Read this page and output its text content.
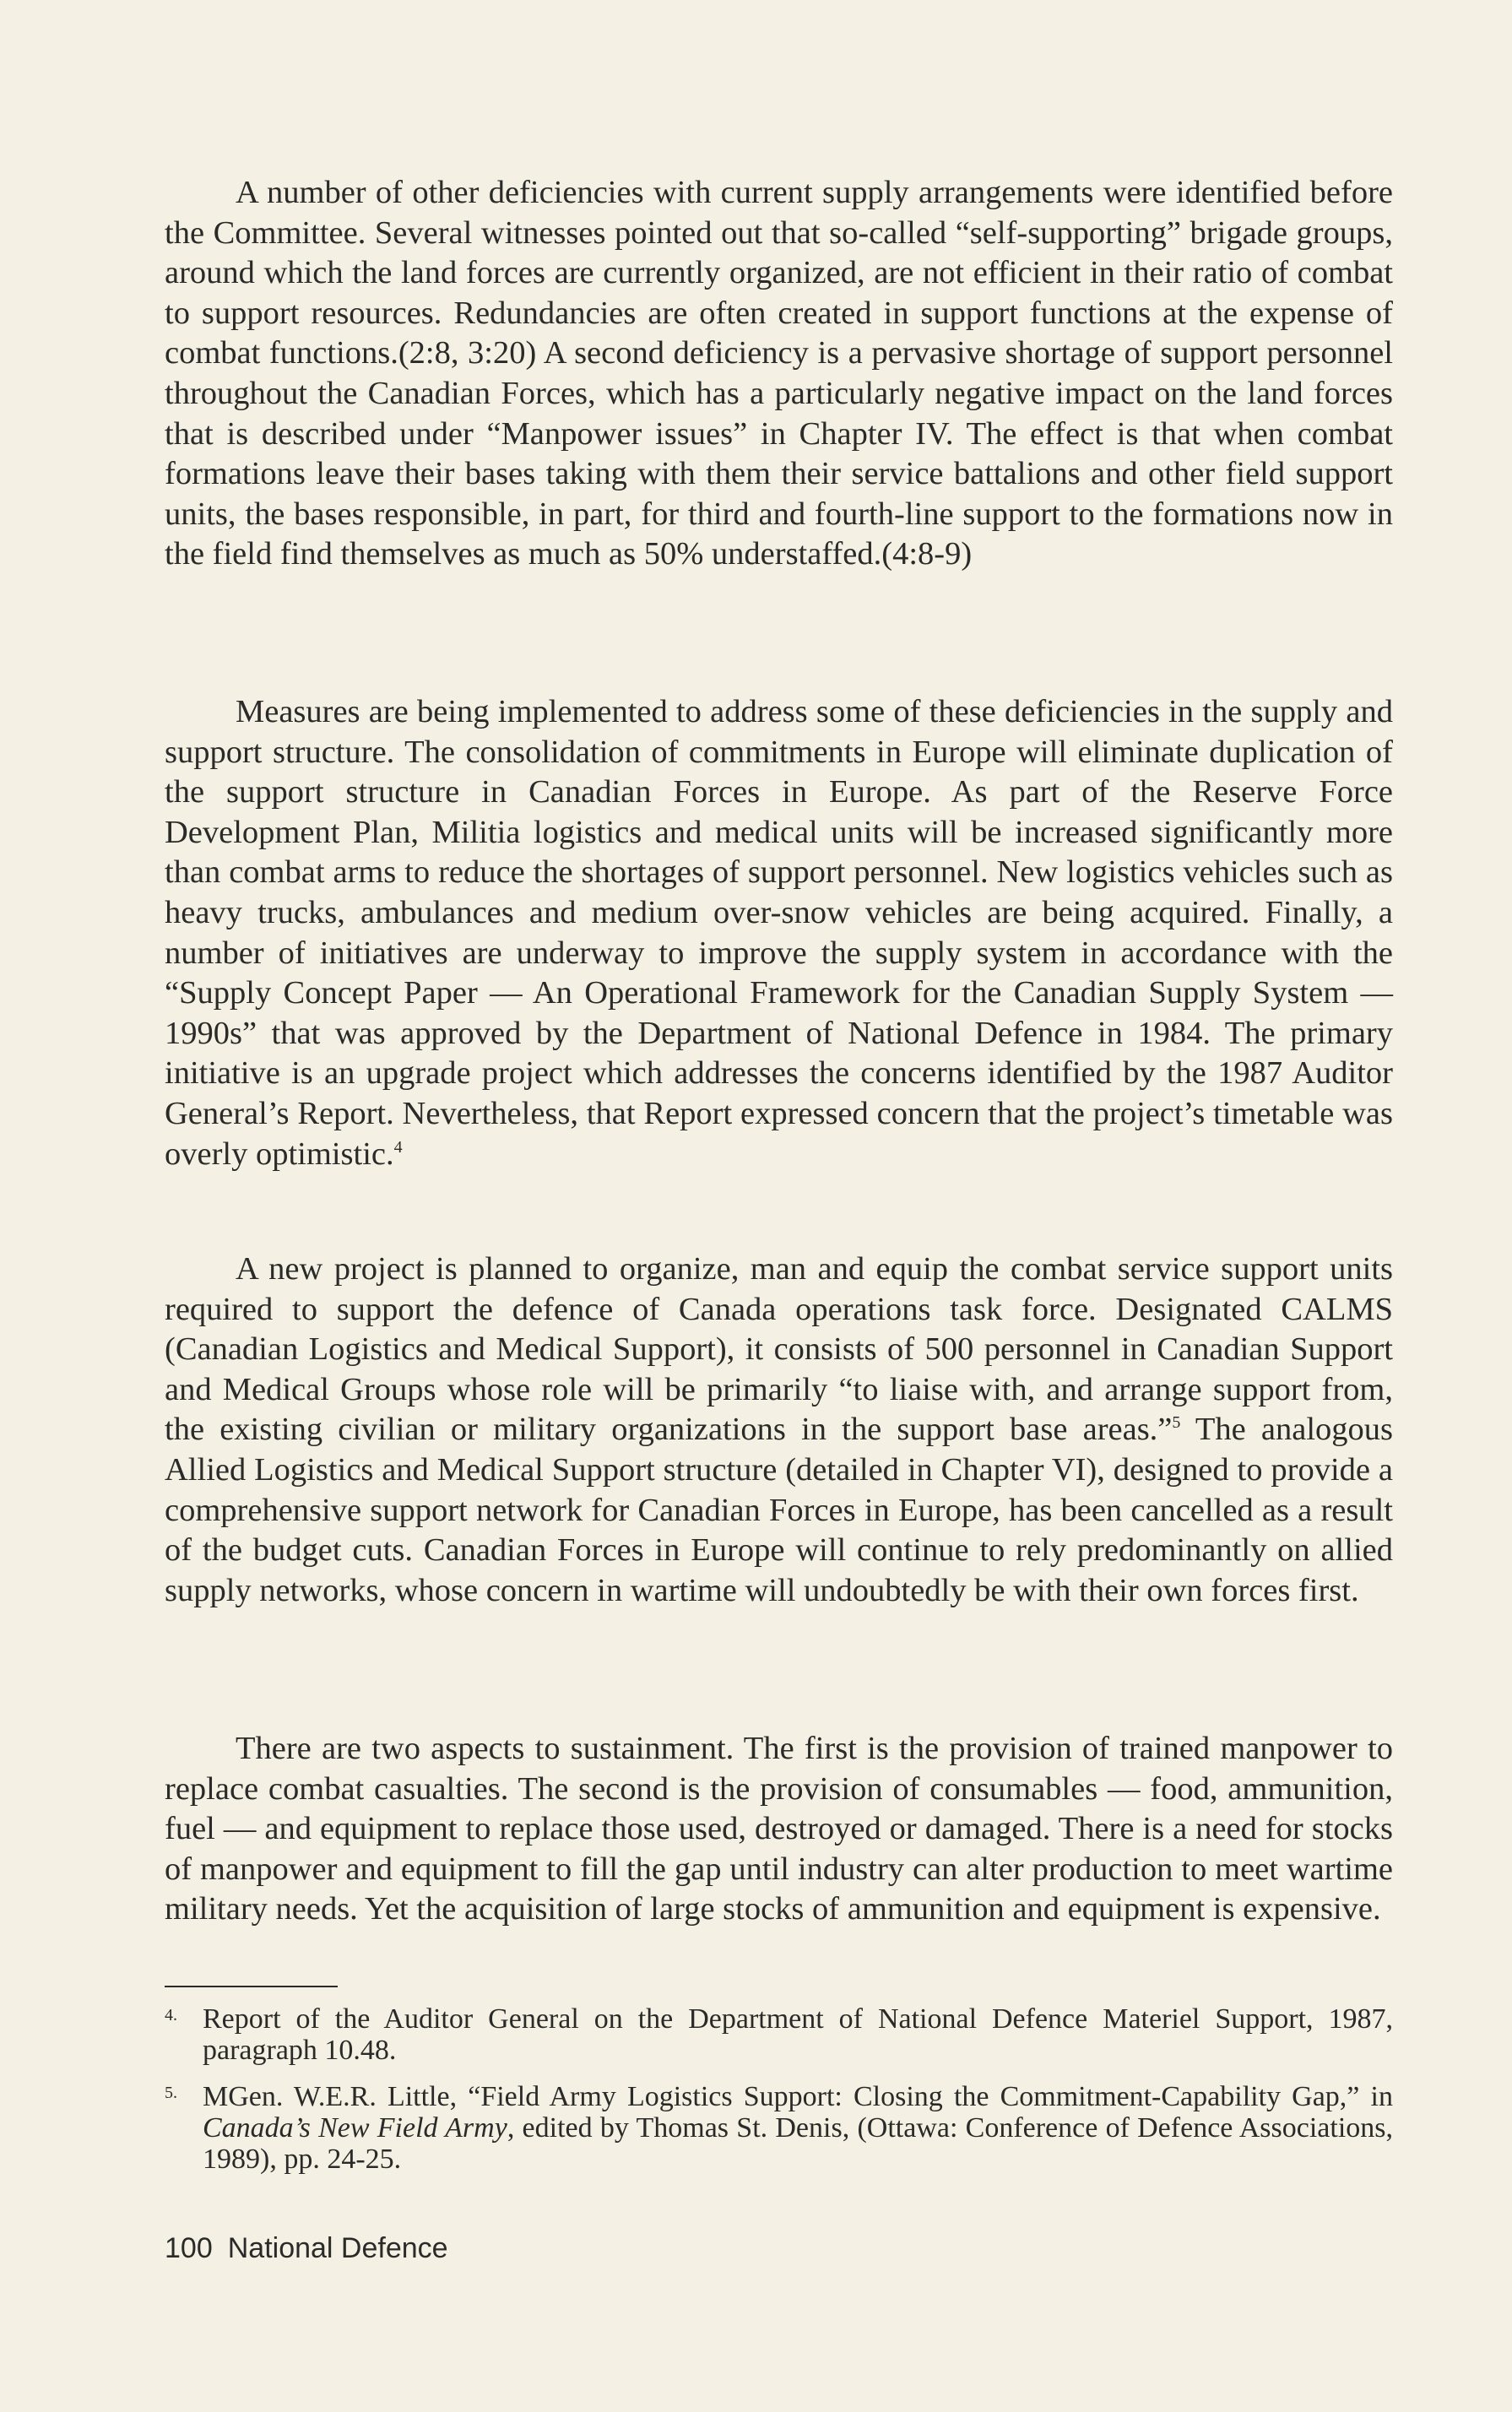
A number of other deficiencies with current supply arrangements were identified before the Committee. Several witnesses pointed out that so-called “self-supporting” brigade groups, around which the land forces are currently organized, are not efficient in their ratio of combat to support resources. Redundancies are often created in support functions at the expense of combat functions.(2:8, 3:20) A second deficiency is a pervasive shortage of support personnel throughout the Canadian Forces, which has a particularly negative impact on the land forces that is described under “Manpower issues” in Chapter IV. The effect is that when combat formations leave their bases taking with them their service battalions and other field support units, the bases responsible, in part, for third and fourth-line support to the formations now in the field find themselves as much as 50% understaffed.(4:8-9)

Measures are being implemented to address some of these deficiencies in the supply and support structure. The consolidation of commitments in Europe will eliminate duplication of the support structure in Canadian Forces in Europe. As part of the Reserve Force Development Plan, Militia logistics and medical units will be increased significantly more than combat arms to reduce the shortages of support personnel. New logistics vehicles such as heavy trucks, ambulances and medium over-snow vehicles are being acquired. Finally, a number of initiatives are underway to improve the supply system in accordance with the “Supply Concept Paper — An Operational Framework for the Canadian Supply System — 1990s” that was approved by the Department of National Defence in 1984. The primary initiative is an upgrade project which addresses the concerns identified by the 1987 Auditor General’s Report. Nevertheless, that Report expressed concern that the project’s timetable was overly optimistic.$^4$

A new project is planned to organize, man and equip the combat service support units required to support the defence of Canada operations task force. Designated CALMS (Canadian Logistics and Medical Support), it consists of 500 personnel in Canadian Support and Medical Groups whose role will be primarily “to liaise with, and arrange support from, the existing civilian or military organizations in the support base areas.”$^5$ The analogous Allied Logistics and Medical Support structure (detailed in Chapter VI), designed to provide a comprehensive support network for Canadian Forces in Europe, has been cancelled as a result of the budget cuts. Canadian Forces in Europe will continue to rely predominantly on allied supply networks, whose concern in wartime will undoubtedly be with their own forces first.

There are two aspects to sustainment. The first is the provision of trained manpower to replace combat casualties. The second is the provision of consumables — food, ammunition, fuel — and equipment to replace those used, destroyed or damaged. There is a need for stocks of manpower and equipment to fill the gap until industry can alter production to meet wartime military needs. Yet the acquisition of large stocks of ammunition and equipment is expensive.

4. Report of the Auditor General on the Department of National Defence Materiel Support, 1987, paragraph 10.48.
5. MGen. W.E.R. Little, “Field Army Logistics Support: Closing the Commitment-Capability Gap,” in Canada’s New Field Army, edited by Thomas St. Denis, (Ottawa: Conference of Defence Associations, 1989), pp. 24-25.
100 National Defence
